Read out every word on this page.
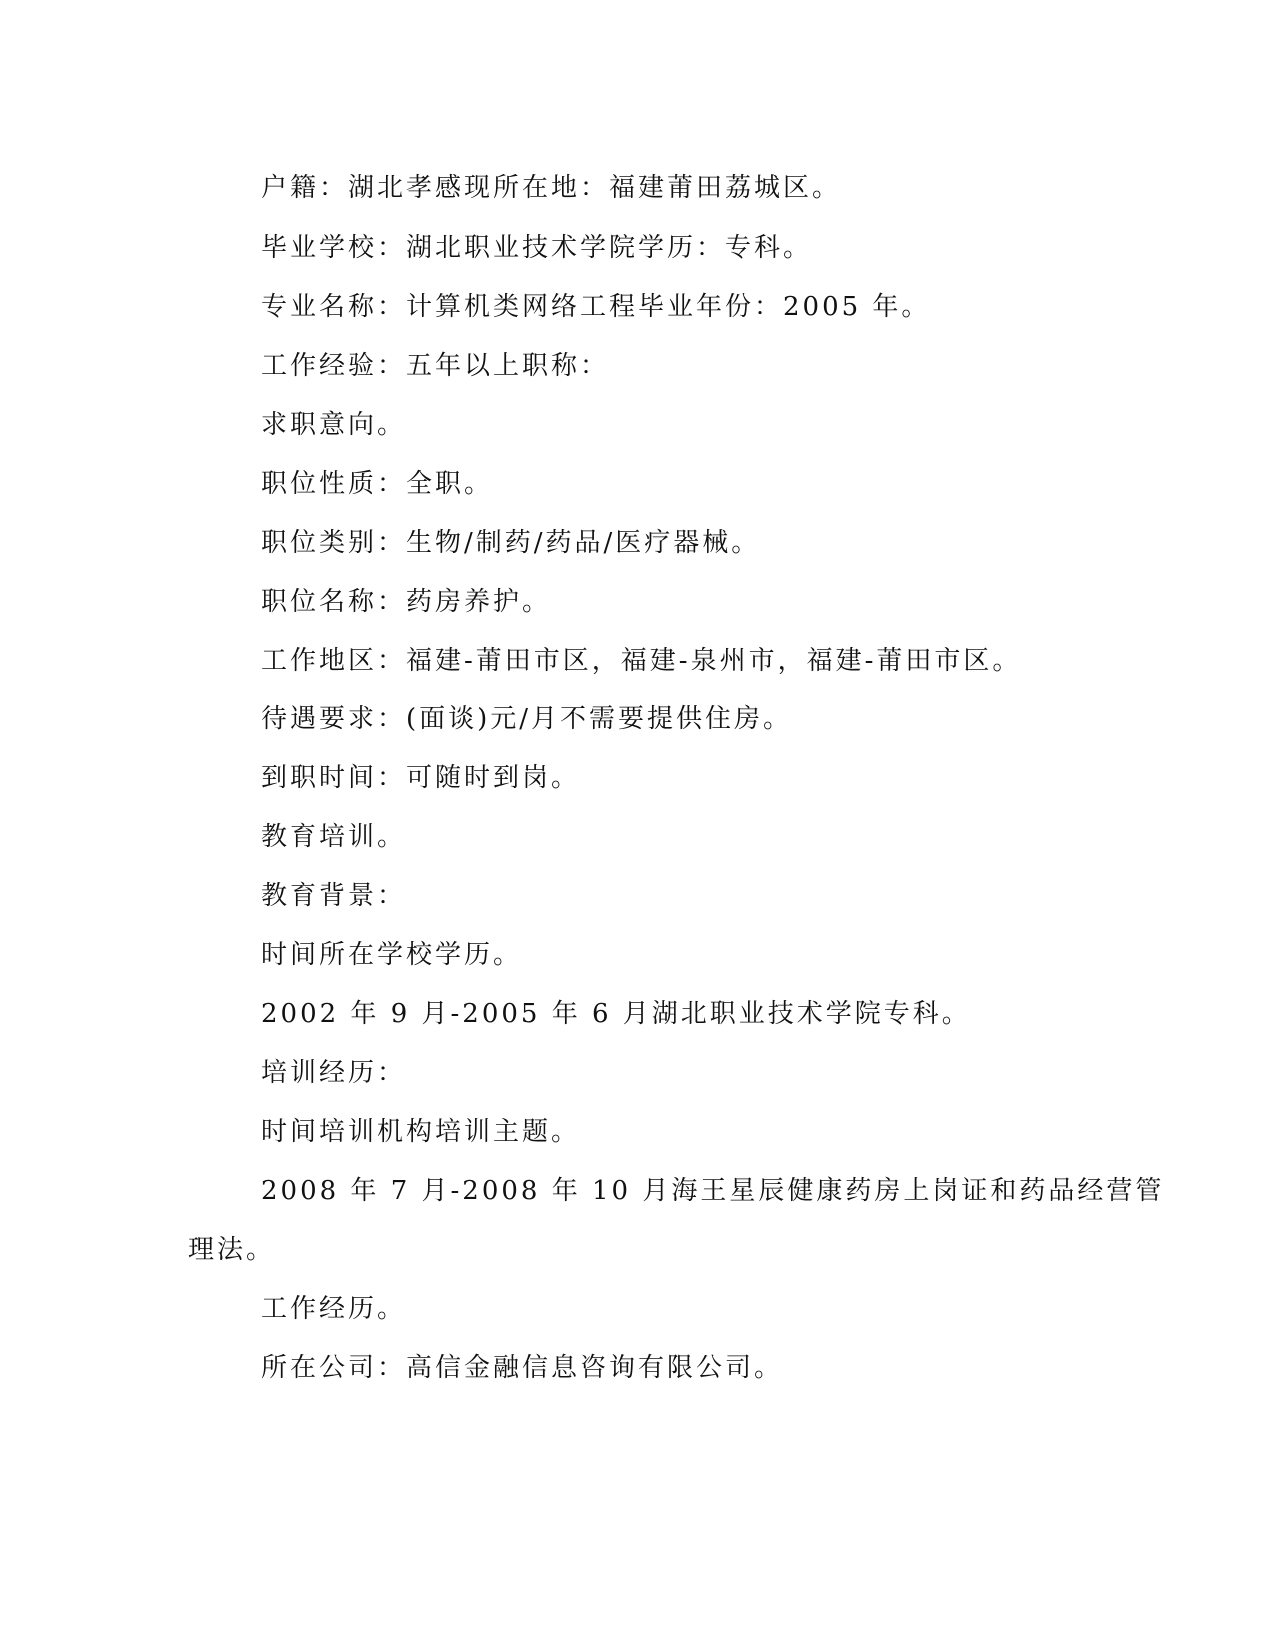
户籍：湖北孝感现所在地：福建莆田荔城区。
毕业学校：湖北职业技术学院学历：专科。
专业名称：计算机类网络工程毕业年份：2005 年。
工作经验：五年以上职称：
求职意向。
职位性质：全职。
职位类别：生物/制药/药品/医疗器械。
职位名称：药房养护。
工作地区：福建-莆田市区，福建-泉州市，福建-莆田市区。
待遇要求：(面谈)元/月不需要提供住房。
到职时间：可随时到岗。
教育培训。
教育背景：
时间所在学校学历。
2002 年 9 月-2005 年 6 月湖北职业技术学院专科。
培训经历：
时间培训机构培训主题。
2008 年 7 月-2008 年 10 月海王星辰健康药房上岗证和药品经营管
理法。
工作经历。
所在公司：高信金融信息咨询有限公司。
